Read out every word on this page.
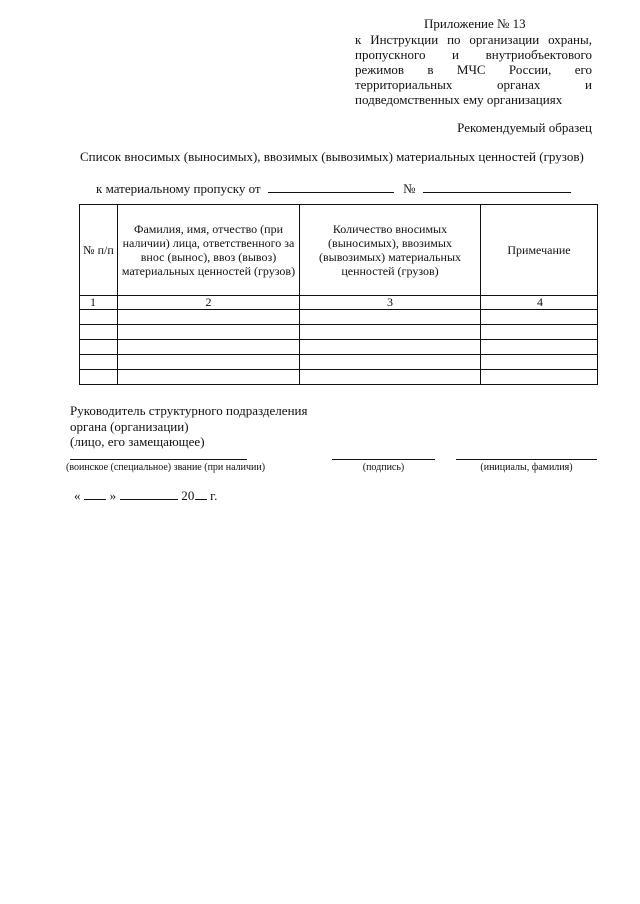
Приложение № 13
к Инструкции по организации охраны, пропускного и внутриобъектового режимов в МЧС России, его территориальных органах и подведомственных ему организациях
Рекомендуемый образец
Список вносимых (выносимых), ввозимых (вывозимых) материальных ценностей (грузов)
к материальному пропуску от	№
№ п/п	Фамилия, имя, отчество (при наличии) лица, ответственного за внос (вынос), ввоз (вывоз) материальных ценностей (грузов)	Количество вносимых (выносимых), ввозимых (вывозимых) материальных ценностей (грузов)	Примечание
1	2	3	4

Руководитель структурного подразделения
органа (организации)
(лицо, его замещающее)
(воинское (специальное) звание (при наличии)	(подпись)	(инициалы, фамилия)
« »	20 г.
